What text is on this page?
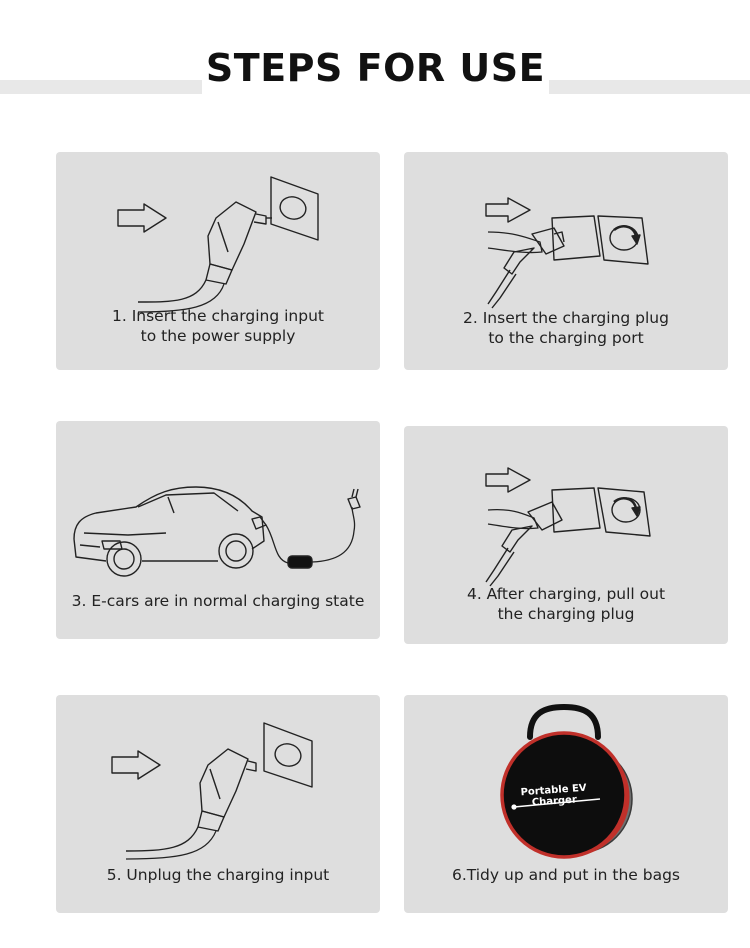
STEPS FOR USE
1. Insert the charging input
to the power supply
2. Insert the charging plug
to the charging port
3. E-cars are in normal charging state	4. After charging, pull out
the charging plug
5. Unplug the charging input
Portable EV Charger
6.Tidy up and put in the bags
